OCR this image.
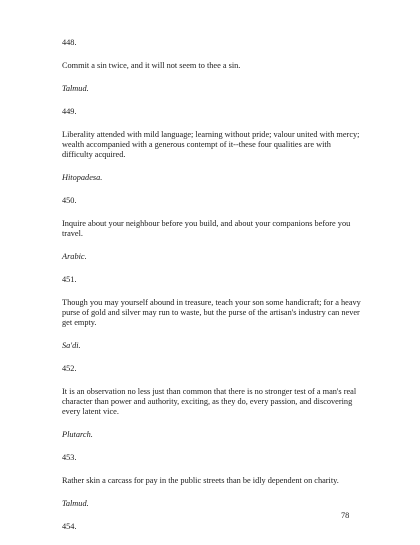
448.

Commit a sin twice, and it will not seem to thee a sin.

Talmud.

449.

Liberality attended with mild language; learning without pride; valour united with mercy; wealth accompanied with a generous contempt of it--these four qualities are with difficulty acquired.

Hitopadesa.

450.

Inquire about your neighbour before you build, and about your companions before you travel.

Arabic.

451.

Though you may yourself abound in treasure, teach your son some handicraft; for a heavy purse of gold and silver may run to waste, but the purse of the artisan's industry can never get empty.

Sa'di.

452.

It is an observation no less just than common that there is no stronger test of a man's real character than power and authority, exciting, as they do, every passion, and discovering every latent vice.

Plutarch.

453.

Rather skin a carcass for pay in the public streets than be idly dependent on charity.

Talmud.

454.

78
